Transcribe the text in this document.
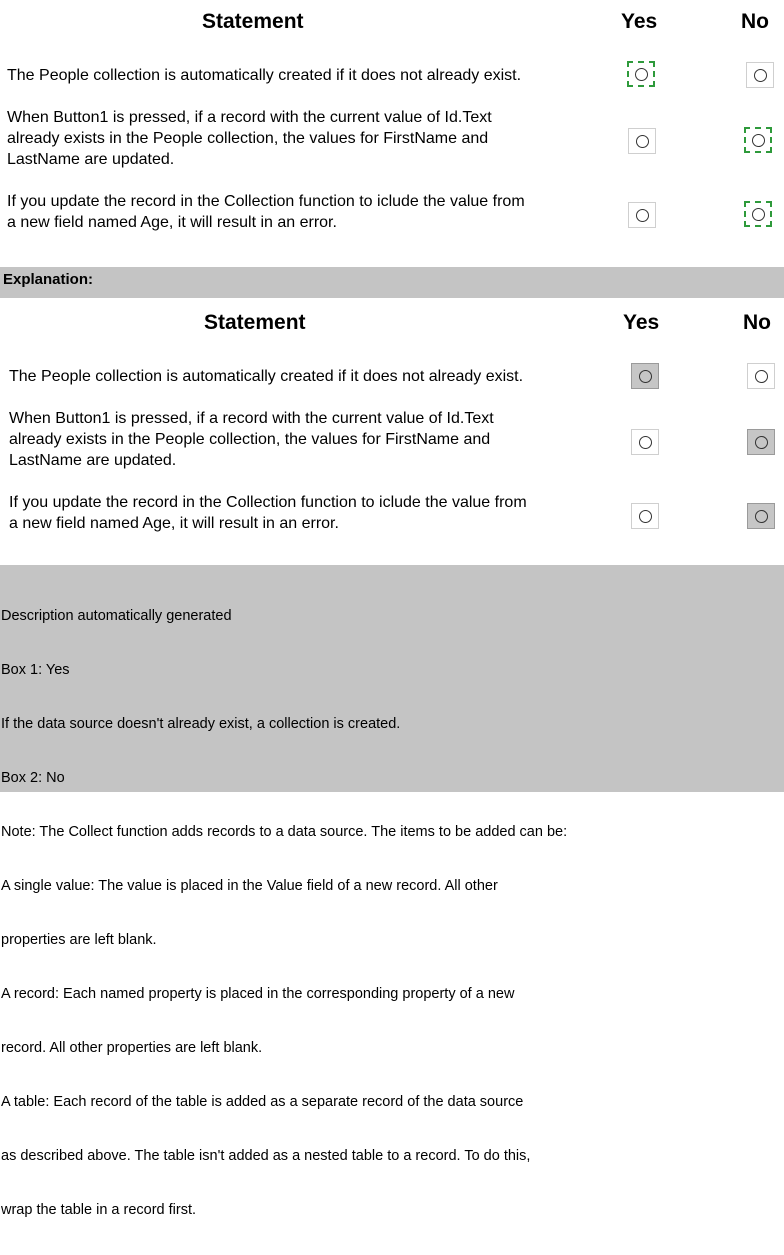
Statement	Yes	No
The People collection is automatically created if it does not already exist.
When Button1 is pressed, if a record with the current value of Id.Text
already exists in the People collection, the values for FirstName and
LastName are updated.
If you update the record in the Collection function to iclude the value from
a new field named Age, it will result in an error.
Explanation:
Statement	Yes	No
The People collection is automatically created if it does not already exist.
When Button1 is pressed, if a record with the current value of Id.Text
already exists in the People collection, the values for FirstName and
LastName are updated.
If you update the record in the Collection function to iclude the value from
a new field named Age, it will result in an error.

Description automatically generated

Box 1: Yes

If the data source doesn't already exist, a collection is created.

Box 2: No

Note: The Collect function adds records to a data source. The items to be added can be:

A single value: The value is placed in the Value field of a new record. All other

properties are left blank.

A record: Each named property is placed in the corresponding property of a new

record. All other properties are left blank.

A table: Each record of the table is added as a separate record of the data source

as described above. The table isn't added as a nested table to a record. To do this,

wrap the table in a record first.
